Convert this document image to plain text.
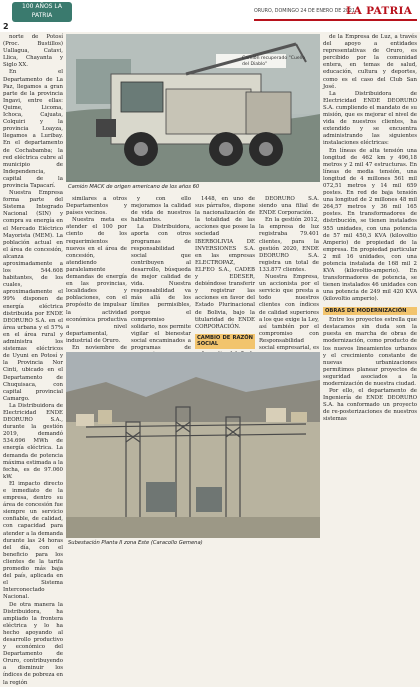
100 AÑOS LA PATRIA
2
ORURO, DOMINGO 24 DE ENERO DE 2021
LA PATRIA

norte de Potosí (Proc. Bustillos) Uallagua, Catavi, Llica, Chayanta y Siglo XX.

En el Departamento de La Paz, llegamos a gran parte de la provincia Ingavi, entre ellas: Quime, Licoma, Ichoca, Cajuata, Colquiri y la provincia Loayza, llegamos a Luribay. En el departamento de Cochabamba; la red eléctrica cubre al municipio de Independencia, capital de la provincia Tapacarí.

Nuestra Empresa forma parte del Sistema Integrado Nacional (SIN) y compra su energía en el Mercado Eléctrico Mayorista (MEM). La población actual en el área de concesión, alcanza aproximadamente a los 544.608 habitantes, de los cuales, aproximadamente el 99% disponen de energía eléctrica distribuida por ENDE DEORURO S.A. en el área urbana y el 57% en el área rural y administra los sistemas eléctricos de Uyuni en Potosí y la Provincia Nor Cinti, ubicado en el Departamento de Chuquisaca, con capital provincial Camargo.

La Distribuidora de Electricidad ENDE DEORURO S.A., durante la gestión 2019, demandó 534.696 MWh de energía eléctrica. La demanda de potencia máxima estimada a la fecha, es de 97.060 kW.

El impacto directo e inmediato de la empresa, dentro su área de concesión fue siempre un servicio confiable, de calidad, con capacidad para atender a la demanda durante las 24 horas del día, con el beneficio para los clientes de la tarifa promedio más baja del país, aplicada en el Sistema Interconectado Nacional.

De otra manera la Distribuidora, ha ampliado la frontera eléctrica y lo ha hecho apoyando al desarrollo productivo y económico del Departamento de Oruro, contribuyendo a disminuir los índices de pobreza en la región

Camión recuperado "Cuello del Diablo"
Camión MACK de origen americano de los años 60

similares a otros Departamentos y países vecinos.

Nuestra meta es atender el 100 por ciento de los requerimientos nuevos en el área de concesión, atendiendo paralelamente demandas de energía en las provincias, localidades y poblaciones, con el propósito de impulsar la actividad económica productiva a nivel departamental, industrial de Oruro.

En noviembre de

y con ello mejoramos la calidad de vida de nuestros habitantes.

La Distribuidora, aporta con otros programas de responsabilidad social que contribuyen al desarrollo, búsqueda de mejor calidad de vida. Nuestra responsabilidad va más allá de los límites permisibles, porque el compromiso solidario, nos permite vigilar el bienestar social encaminados a programas de

1448, en uno de sus párrafos, dispone la nacionalización de la totalidad de las acciones que posee la sociedad IBERBOLIVIA DE INVERSIONES S.A. en las empresas ELECTROPAZ, ELFEO S.A., CADEB y EDESER, debiéndose transferir y registrar las acciones en favor del Estado Plurinacional de Bolivia, bajo la titularidad de ENDE CORPORACIÓN.

CAMBIO DE RAZÓN SOCIAL

DEORURO S.A. siendo una filial de ENDE Corporación.

En la gestión 2012, la empresa de luz registraba 79.401 clientes, para la gestión 2020, ENDE DEORURO S.A. registra un total de 133.877 clientes.

Nuestra Empresa, un accionista por el servicio que presta a todo nuestros clientes con índices de calidad superiores a los que exige la Ley, así también por el compromiso con Responsabilidad social empresarial, es

de la Empresa de Luz, a través del apoyo a entidades representativas de Oruro, es percibido por la comunidad entera, en temas de salud, educación, cultura y deportes, como es el caso del Club San José.

La Distribuidora de Electricidad ENDE DEORURO S.A. cumpliendo el mandato de su misión, que es mejorar el nivel de vida de nuestros clientes, ha extendido y se encuentra administrando las siguientes instalaciones eléctricas:

En líneas de alta tensión una longitud de 462 km y 496,18 metros y 2 mil 47 estructuras. En líneas de media tensión, una longitud de 4 millones 561 mil 072,51 metros y 14 mil 659 postes. En red de baja tensión una longitud de 2 millones 48 mil 264,57 metros y 36 mil 165 postes. En transformadores de distribución, se tienen instalados 955 unidades, con una potencia de 57 mil 450,3 KVA (kilovoltio Amperio) de propiedad de la empresa. En propiedad particular 2 mil 16 unidades, con una potencia instalada de 168 mil 2 KVA (kilovoltio-amperio). En transformadores de potencia, se tienen instalados 46 unidades con una potencia de 249 mil 420 KVA (kilovoltio amperio).

OBRAS DE MODERNIZACIÓN

Entre los proyectos estrella que destacamos sin duda son la puesta en marcha de obras de modernización, como producto de los nuevos lineamientos urbanos y el crecimiento constante de nuevas urbanizaciones permitimos planear proyectos de seguridad asociados a la modernización de nuestra ciudad.

Por ello, el departamento de Ingeniería de ENDE DEORURO S.A. ha conformado un proyecto de re-posterizaciones de nuestros sistemas

Subestación Planta II zona Este (Caracollo Gemena)
